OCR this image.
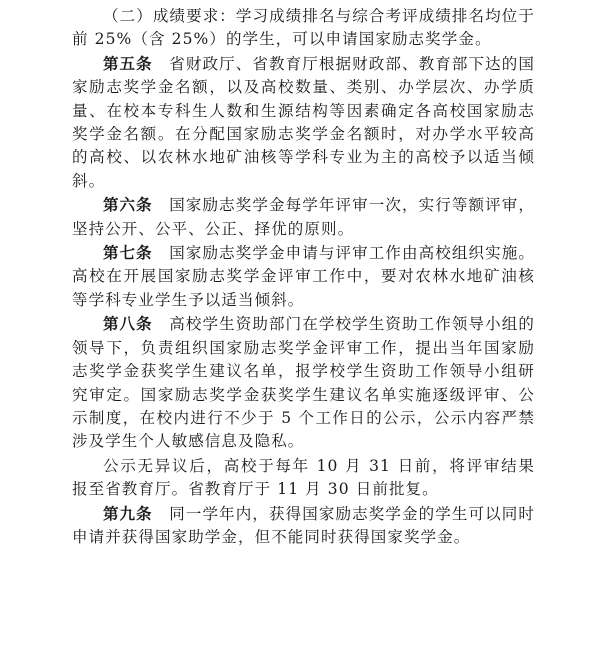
（二）成绩要求：学习成绩排名与综合考评成绩排名均位于前 25%（含 25%）的学生，可以申请国家励志奖学金。

第五条　省财政厅、省教育厅根据财政部、教育部下达的国家励志奖学金名额，以及高校数量、类别、办学层次、办学质量、在校本专科生人数和生源结构等因素确定各高校国家励志奖学金名额。在分配国家励志奖学金名额时，对办学水平较高的高校、以农林水地矿油核等学科专业为主的高校予以适当倾斜。

第六条　国家励志奖学金每学年评审一次，实行等额评审，坚持公开、公平、公正、择优的原则。

第七条　国家励志奖学金申请与评审工作由高校组织实施。高校在开展国家励志奖学金评审工作中，要对农林水地矿油核等学科专业学生予以适当倾斜。

第八条　高校学生资助部门在学校学生资助工作领导小组的领导下，负责组织国家励志奖学金评审工作，提出当年国家励志奖学金获奖学生建议名单，报学校学生资助工作领导小组研究审定。国家励志奖学金获奖学生建议名单实施逐级评审、公示制度，在校内进行不少于 5 个工作日的公示，公示内容严禁涉及学生个人敏感信息及隐私。

公示无异议后，高校于每年 10 月 31 日前，将评审结果报至省教育厅。省教育厅于 11 月 30 日前批复。

第九条　同一学年内，获得国家励志奖学金的学生可以同时申请并获得国家助学金，但不能同时获得国家奖学金。
